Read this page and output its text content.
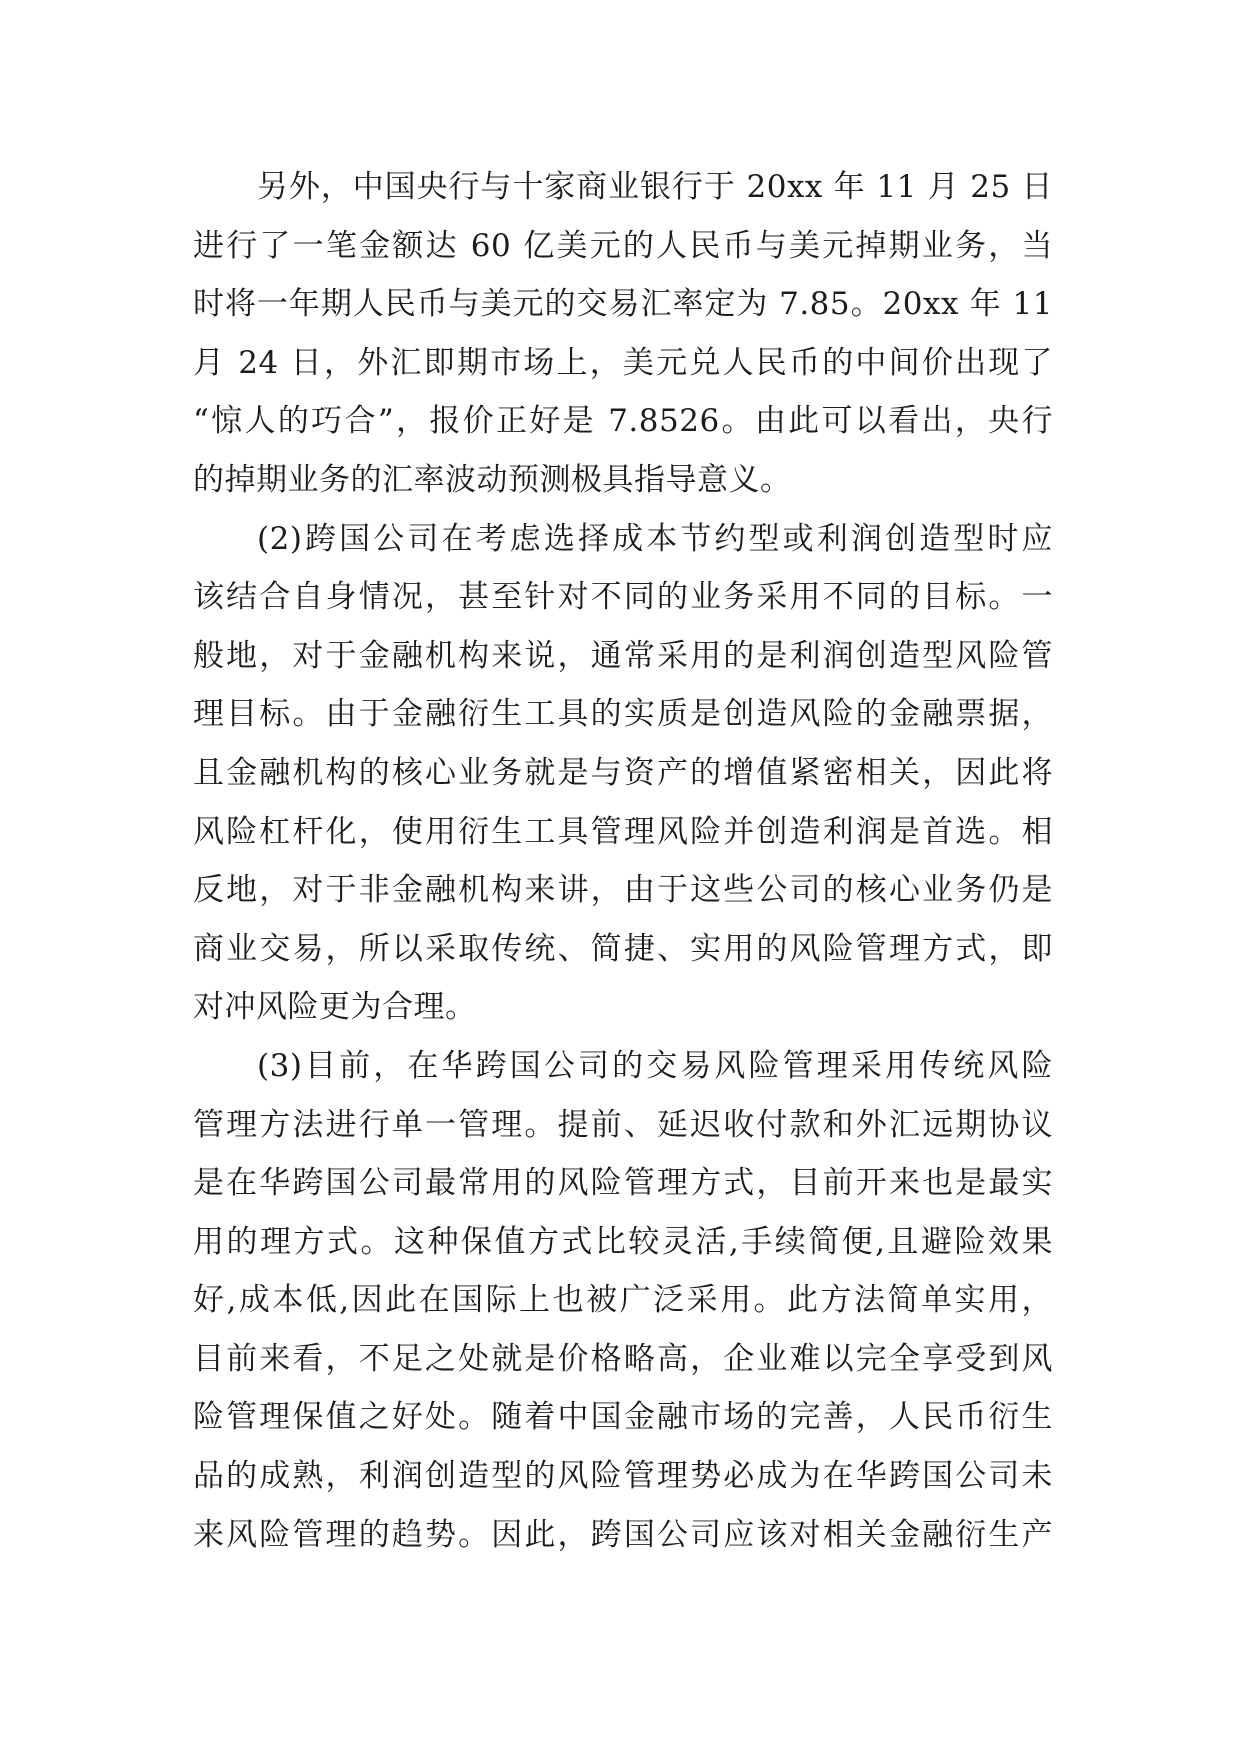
另外，中国央行与十家商业银行于 20xx 年 11 月 25 日
进行了一笔金额达 60 亿美元的人民币与美元掉期业务，当
时将一年期人民币与美元的交易汇率定为 7.85。20xx 年 11
月 24 日，外汇即期市场上，美元兑人民币的中间价出现了
“惊人的巧合”，报价正好是 7.8526。由此可以看出，央行
的掉期业务的汇率波动预测极具指导意义。
(2)跨国公司在考虑选择成本节约型或利润创造型时应
该结合自身情况，甚至针对不同的业务采用不同的目标。一
般地，对于金融机构来说，通常采用的是利润创造型风险管
理目标。由于金融衍生工具的实质是创造风险的金融票据，
且金融机构的核心业务就是与资产的增值紧密相关，因此将
风险杠杆化，使用衍生工具管理风险并创造利润是首选。相
反地，对于非金融机构来讲，由于这些公司的核心业务仍是
商业交易，所以采取传统、简捷、实用的风险管理方式，即
对冲风险更为合理。
(3)目前，在华跨国公司的交易风险管理采用传统风险
管理方法进行单一管理。提前、延迟收付款和外汇远期协议
是在华跨国公司最常用的风险管理方式，目前开来也是最实
用的理方式。这种保值方式比较灵活,手续简便,且避险效果
好,成本低,因此在国际上也被广泛采用。此方法简单实用，
目前来看，不足之处就是价格略高，企业难以完全享受到风
险管理保值之好处。随着中国金融市场的完善，人民币衍生
品的成熟，利润创造型的风险管理势必成为在华跨国公司未
来风险管理的趋势。因此，跨国公司应该对相关金融衍生产
